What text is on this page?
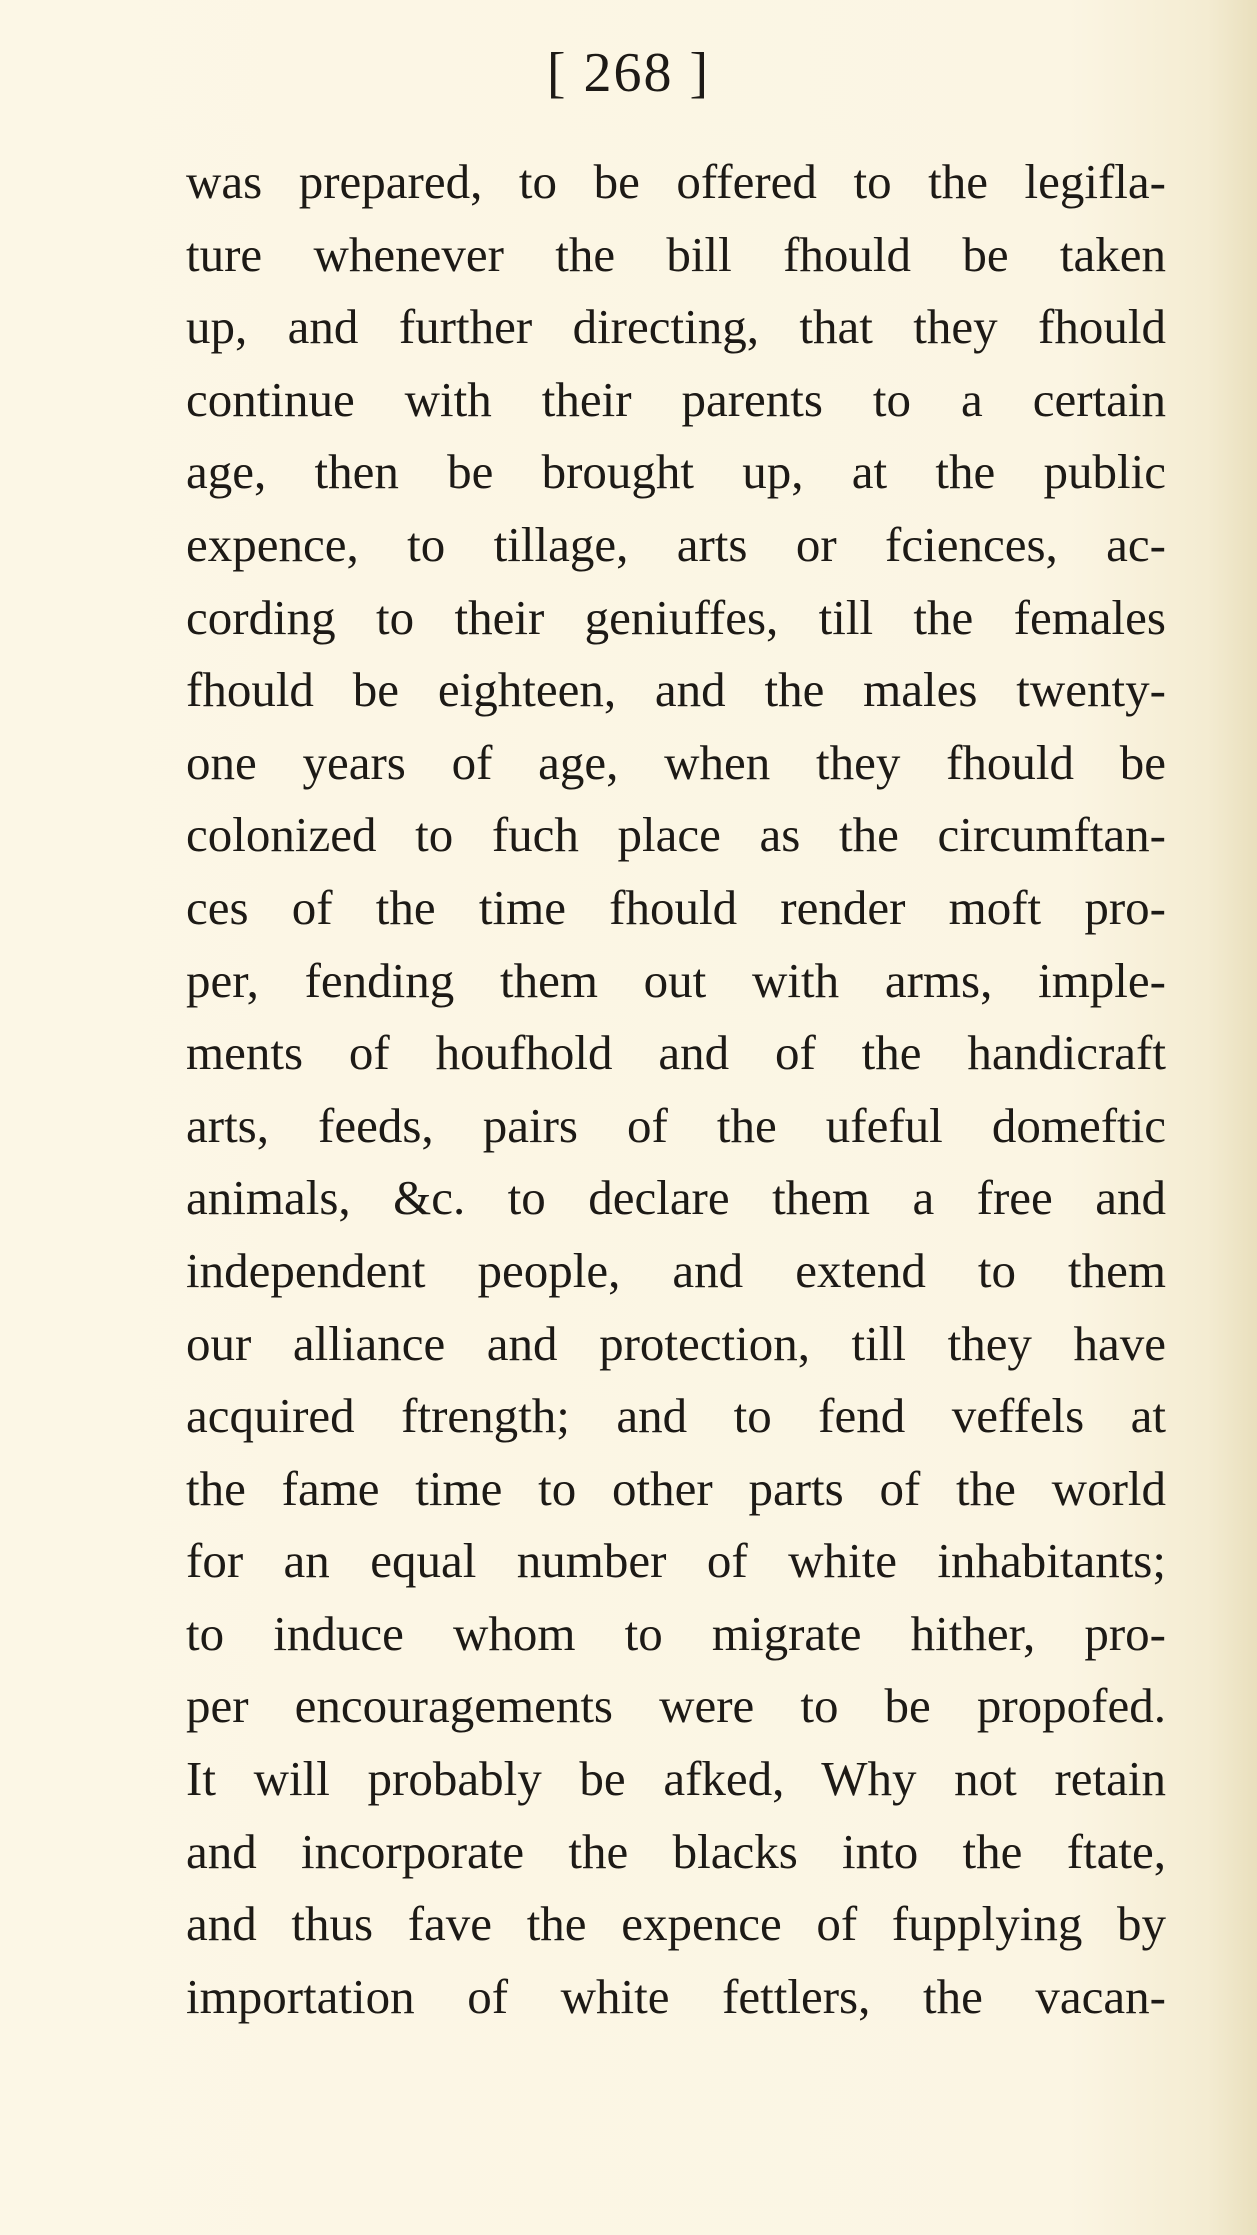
[ 268 ]
was prepared, to be offered to the legifla-
ture whenever the bill fhould be taken
up, and further directing, that they fhould
continue with their parents to a certain
age, then be brought up, at the public
expence, to tillage, arts or fciences, ac-
cording to their geniuffes, till the females
fhould be eighteen, and the males twenty-
one years of age, when they fhould be
colonized to fuch place as the circumftan-
ces of the time fhould render moft pro-
per, fending them out with arms, imple-
ments of houfhold and of the handicraft
arts, feeds, pairs of the ufeful domeftic
animals, &c. to declare them a free and
independent people, and extend to them
our alliance and protection, till they have
acquired ftrength; and to fend veffels at
the fame time to other parts of the world
for an equal number of white inhabitants;
to induce whom to migrate hither, pro-
per encouragements were to be propofed.
It will probably be afked, Why not retain
and incorporate the blacks into the ftate,
and thus fave the expence of fupplying by
importation of white fettlers, the vacan-
